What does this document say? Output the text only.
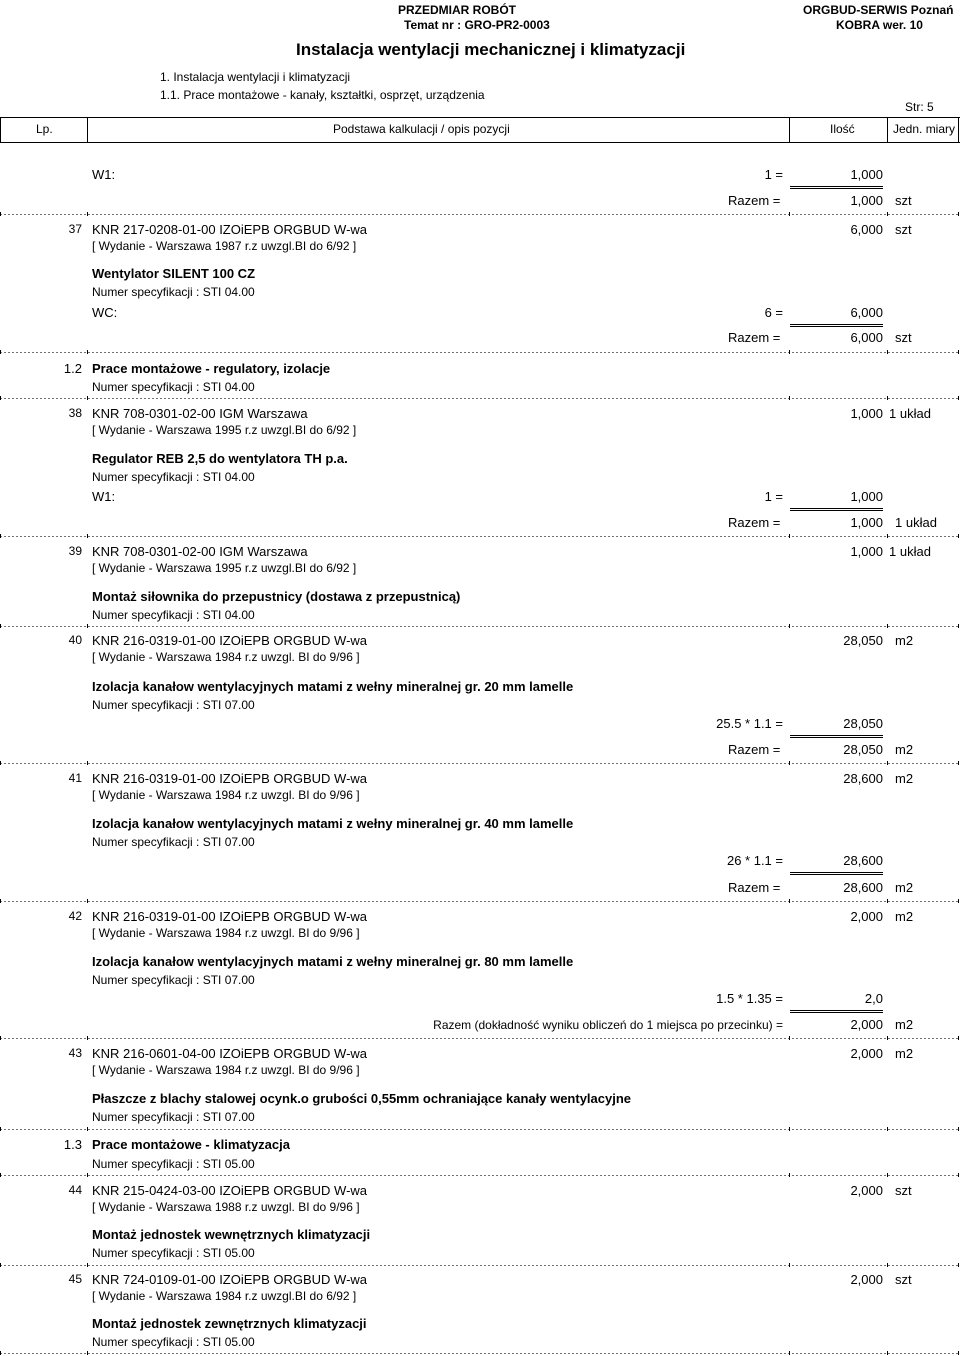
PRZEDMIAR ROBÓT
Temat nr : GRO-PR2-0003
ORGBUD-SERWIS Poznań
KOBRA wer. 10
Instalacja wentylacji mechanicznej i klimatyzacji
1. Instalacja wentylacji i klimatyzacji
1.1. Prace montażowe - kanały, kształtki, osprzęt, urządzenia
Str: 5
Lp.	Podstawa kalkulacji / opis pozycji	Ilość	Jedn. miary
W1:	1 =	1,000
Razem =	1,000 szt
37 KNR 217-0208-01-00 IZOiEPB ORGBUD W-wa
[ Wydanie - Warszawa 1987 r.z uwzgl.BI do 6/92 ]
6,000 szt
Wentylator SILENT 100 CZ
Numer specyfikacji : STI 04.00
WC:	6 =	6,000
Razem =	6,000 szt
1.2 Prace montażowe - regulatory, izolacje
Numer specyfikacji : STI 04.00
38 KNR 708-0301-02-00 IGM Warszawa
[ Wydanie - Warszawa 1995 r.z uwzgl.BI do 6/92 ]
1,000 1 układ
Regulator REB 2,5 do wentylatora TH p.a.
Numer specyfikacji : STI 04.00
W1:	1 =	1,000
Razem =	1,000 1 układ
39 KNR 708-0301-02-00 IGM Warszawa
[ Wydanie - Warszawa 1995 r.z uwzgl.BI do 6/92 ]
1,000 1 układ
Montaż siłownika do przepustnicy (dostawa z przepustnicą)
Numer specyfikacji : STI 04.00
40 KNR 216-0319-01-00 IZOiEPB ORGBUD W-wa
[ Wydanie - Warszawa 1984 r.z uwzgl. BI do 9/96 ]
28,050 m2
Izolacja kanałow wentylacyjnych matami z wełny mineralnej gr. 20 mm lamelle
Numer specyfikacji : STI 07.00
25.5 * 1.1 =	28,050
Razem =	28,050 m2
41 KNR 216-0319-01-00 IZOiEPB ORGBUD W-wa
[ Wydanie - Warszawa 1984 r.z uwzgl. BI do 9/96 ]
28,600 m2
Izolacja kanałow wentylacyjnych matami z wełny mineralnej gr. 40 mm lamelle
Numer specyfikacji : STI 07.00
26 * 1.1 =	28,600
Razem =	28,600 m2
42 KNR 216-0319-01-00 IZOiEPB ORGBUD W-wa
[ Wydanie - Warszawa 1984 r.z uwzgl. BI do 9/96 ]
2,000 m2
Izolacja kanałow wentylacyjnych matami z wełny mineralnej gr. 80 mm lamelle
Numer specyfikacji : STI 07.00
1.5 * 1.35 =	2,0
Razem (dokładność wyniku obliczeń do 1 miejsca po przecinku) =	2,000 m2
43 KNR 216-0601-04-00 IZOiEPB ORGBUD W-wa
[ Wydanie - Warszawa 1984 r.z uwzgl. BI do 9/96 ]
2,000 m2
Płaszcze z blachy stalowej ocynk.o grubości 0,55mm ochraniające kanały wentylacyjne
Numer specyfikacji : STI 07.00
1.3 Prace montażowe - klimatyzacja
Numer specyfikacji : STI 05.00
44 KNR 215-0424-03-00 IZOiEPB ORGBUD W-wa
[ Wydanie - Warszawa 1988 r.z uwzgl. BI do 9/96 ]
2,000 szt
Montaż jednostek wewnętrznych klimatyzacji
Numer specyfikacji : STI 05.00
45 KNR 724-0109-01-00 IZOiEPB ORGBUD W-wa
[ Wydanie - Warszawa 1984 r.z uwzgl.BI do 6/92 ]
2,000 szt
Montaż jednostek zewnętrznych klimatyzacji
Numer specyfikacji : STI 05.00
